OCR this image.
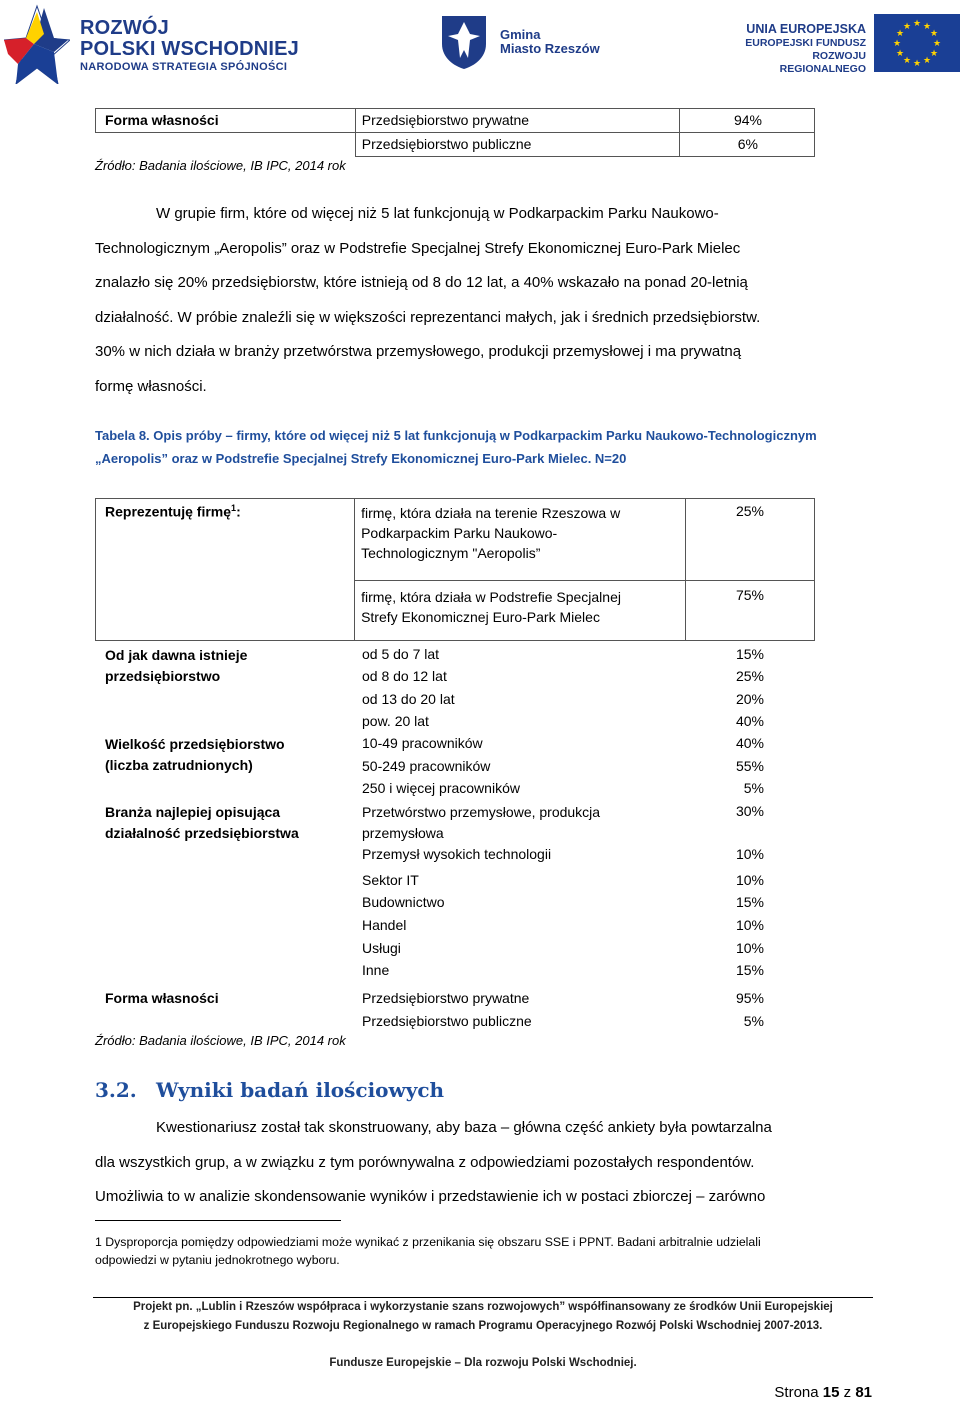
ROZWÓJ
POLSKI WSCHODNIEJ
NARODOWA STRATEGIA SPÓJNOŚCI
Gmina
Miasto Rzeszów
UNIA EUROPEJSKA
EUROPEJSKI FUNDUSZ
ROZWOJU REGIONALNEGO
★ ★
★
★
★
★
★
★
★
★
★
★
Forma własności	Przedsiębiorstwo prywatne	94%
	Przedsiębiorstwo publiczne	6%
Źródło: Badania ilościowe, IB IPC, 2014 rok
W grupie firm, które od więcej niż 5 lat funkcjonują w Podkarpackim Parku Naukowo-
Technologicznym „Aeropolis” oraz w Podstrefie Specjalnej Strefy Ekonomicznej Euro-Park Mielec
znalazło się 20% przedsiębiorstw, które istnieją od 8 do 12 lat, a 40% wskazało na ponad 20-letnią
działalność. W próbie znaleźli się w większości reprezentanci małych, jak i średnich przedsiębiorstw.
30% w nich działa w branży przetwórstwa przemysłowego, produkcji przemysłowej i ma prywatną
formę własności.
Tabela 8. Opis próby – firmy, które od więcej niż 5 lat funkcjonują w Podkarpackim Parku Naukowo-Technologicznym
„Aeropolis” oraz w Podstrefie Specjalnej Strefy Ekonomicznej Euro-Park Mielec. N=20
Reprezentuję firmę$^1$:	firmę, która działa na terenie Rzeszowa w
Podkarpackim Parku Naukowo-
Technologicznym "Aeropolis”	25%

	firmę, która działa w Podstrefie Specjalnej
Strefy Ekonomicznej Euro-Park Mielec	75%
Od jak dawna istnieje
przedsiębiorstwo
od 5 do 7 lat	15%
od 8 do 12 lat	25%
od 13 do 20 lat	20%
pow. 20 lat	40%
Wielkość przedsiębiorstwo
(liczba zatrudnionych)
10-49 pracowników	40%
50-249 pracowników	55%
250 i więcej pracowników	5%
Branża najlepiej opisująca
działalność przedsiębiorstwa
Przetwórstwo przemysłowe, produkcja
przemysłowa
30%
Przemysł wysokich technologii	10%
Sektor IT	10%
Budownictwo	15%
Handel	10%
Usługi	10%
Inne	15%
Forma własności	Przedsiębiorstwo prywatne	95%
Przedsiębiorstwo publiczne	5%
Źródło: Badania ilościowe, IB IPC, 2014 rok
3.2. Wyniki badań ilościowych
Kwestionariusz został tak skonstruowany, aby baza – główna część ankiety była powtarzalna
dla wszystkich grup, a w związku z tym porównywalna z odpowiedziami pozostałych respondentów.
Umożliwia to w analizie skondensowanie wyników i przedstawienie ich w postaci zbiorczej – zarówno
1 Dysproporcja pomiędzy odpowiedziami może wynikać z przenikania się obszaru SSE i PPNT. Badani arbitralnie udzielali
odpowiedzi w pytaniu jednokrotnego wyboru.
Projekt pn. „Lublin i Rzeszów współpraca i wykorzystanie szans rozwojowych” współfinansowany ze środków Unii Europejskiej
z Europejskiego Funduszu Rozwoju Regionalnego w ramach Programu Operacyjnego Rozwój Polski Wschodniej 2007-2013.
Fundusze Europejskie – Dla rozwoju Polski Wschodniej.
Strona 15 z 81
